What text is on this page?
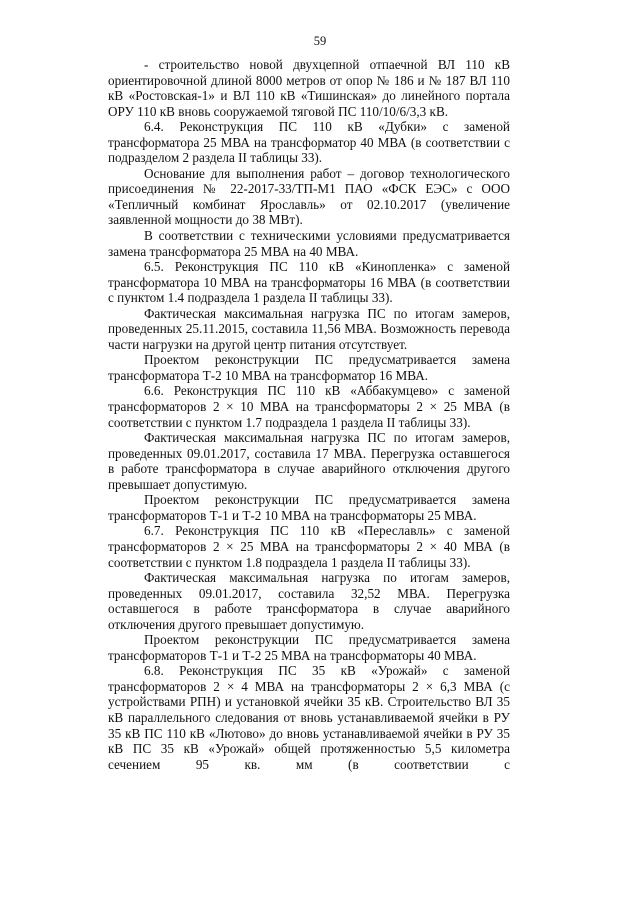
59

- строительство новой двухцепной отпаечной ВЛ 110 кВ ориентировочной длиной 8000 метров от опор № 186 и № 187 ВЛ 110 кВ «Ростовская-1» и ВЛ 110 кВ «Тишинская» до линейного портала ОРУ 110 кВ вновь сооружаемой тяговой ПС 110/10/6/3,3 кВ.

6.4. Реконструкция ПС 110 кВ «Дубки» с заменой трансформатора 25 МВА на трансформатор 40 МВА (в соответствии с подразделом 2 раздела II таблицы 33).

Основание для выполнения работ – договор технологического присоединения № 22-2017-33/ТП-М1 ПАО «ФСК ЕЭС» с ООО «Тепличный комбинат Ярославль» от 02.10.2017 (увеличение заявленной мощности до 38 МВт).

В соответствии с техническими условиями предусматривается замена трансформатора 25 МВА на 40 МВА.

6.5. Реконструкция ПС 110 кВ «Кинопленка» с заменой трансформатора 10 МВА на трансформаторы 16 МВА (в соответствии с пунктом 1.4 подраздела 1 раздела II таблицы 33).

Фактическая максимальная нагрузка ПС по итогам замеров, проведенных 25.11.2015, составила 11,56 МВА. Возможность перевода части нагрузки на другой центр питания отсутствует.

Проектом реконструкции ПС предусматривается замена трансформатора Т-2 10 МВА на трансформатор 16 МВА.

6.6. Реконструкция ПС 110 кВ «Аббакумцево» с заменой трансформаторов 2 × 10 МВА на трансформаторы 2 × 25 МВА (в соответствии с пунктом 1.7 подраздела 1 раздела II таблицы 33).

Фактическая максимальная нагрузка ПС по итогам замеров, проведенных 09.01.2017, составила 17 МВА. Перегрузка оставшегося в работе трансформатора в случае аварийного отключения другого превышает допустимую.

Проектом реконструкции ПС предусматривается замена трансформаторов Т-1 и Т-2 10 МВА на трансформаторы 25 МВА.

6.7. Реконструкция ПС 110 кВ «Переславль» с заменой трансформаторов 2 × 25 МВА на трансформаторы 2 × 40 МВА (в соответствии с пунктом 1.8 подраздела 1 раздела II таблицы 33).

Фактическая максимальная нагрузка по итогам замеров, проведенных 09.01.2017, составила 32,52 МВА. Перегрузка оставшегося в работе трансформатора в случае аварийного отключения другого превышает допустимую.

Проектом реконструкции ПС предусматривается замена трансформаторов Т-1 и Т-2 25 МВА на трансформаторы 40 МВА.

6.8. Реконструкция ПС 35 кВ «Урожай» с заменой трансформаторов 2 × 4 МВА на трансформаторы 2 × 6,3 МВА (с устройствами РПН) и установкой ячейки 35 кВ. Строительство ВЛ 35 кВ параллельного следования от вновь устанавливаемой ячейки в РУ 35 кВ ПС 110 кВ «Лютово» до вновь устанавливаемой ячейки в РУ 35 кВ ПС 35 кВ «Урожай» общей протяженностью 5,5 километра сечением 95 кв. мм (в соответствии с
